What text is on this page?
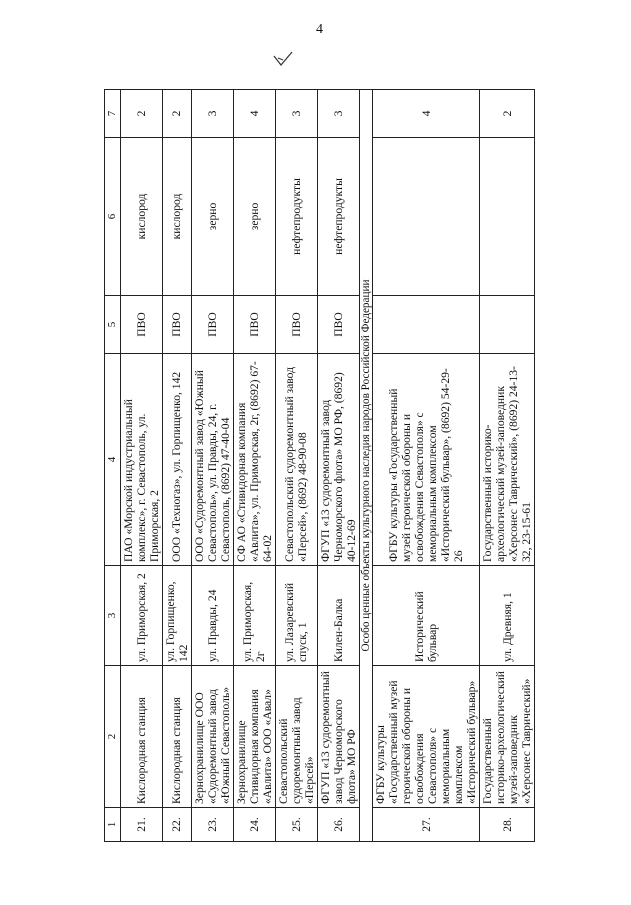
4
1	2	3	4	5	6	7
21.	Кислородная станция	ул. Приморская, 2	ПАО «Морской индустриальный комплекс», г. Севастополь, ул. Приморская, 2	ПВО	кислород	2
22.	Кислородная станция	ул. Горпищенко, 142	ООО «Техногаз», ул. Горпищенко, 142	ПВО	кислород	2
23.	Зернохранилище ООО «Судоремонтный завод «Южный Севастополь»	ул. Правды, 24	ООО «Судоремонтный завод «Южный Севастополь», ул. Правды, 24, г. Севастополь, (8692) 47-40-04	ПВО	зерно	3
24.	Зернохранилище Стивидорная компания «Авлита» ООО «Авал»	ул. Приморская, 2г	СФ АО «Стивидорная компания «Авлита», ул. Приморская, 2г, (8692) 67-64-02	ПВО	зерно	4
25.	Севастопольский судоремонтный завод «Персей»	ул. Лазаревский спуск, 1	Севастопольский судоремонтный завод «Персей», (8692) 48-90-08	ПВО	нефтепродукты	3
26.	ФГУП «13 судоремонтный завод Черноморского флота» МО РФ	Килен-Балка	ФГУП «13 судоремонтный завод Черноморского флота» МО РФ, (8692) 40-12-69	ПВО	нефтепродукты	3
Особо ценные объекты культурного наследия народов Российской Федерации						
27.	ФГБУ культуры «Государственный музей героической обороны и освобождения Севастополя» с мемориальным комплексом «Исторический бульвар»	Исторический бульвар	ФГБУ культуры «Государственный музей героической обороны и освобождения Севастополя» с мемориальным комплексом «Исторический бульвар», (8692) 54-29-26			4
28.	Государственный историко-археологический музей-заповедник «Херсонес Таврический»	ул. Древняя, 1	Государственный историко-археологический музей-заповедник «Херсонес Таврический», (8692) 24-13-32, 23-15-61			2
